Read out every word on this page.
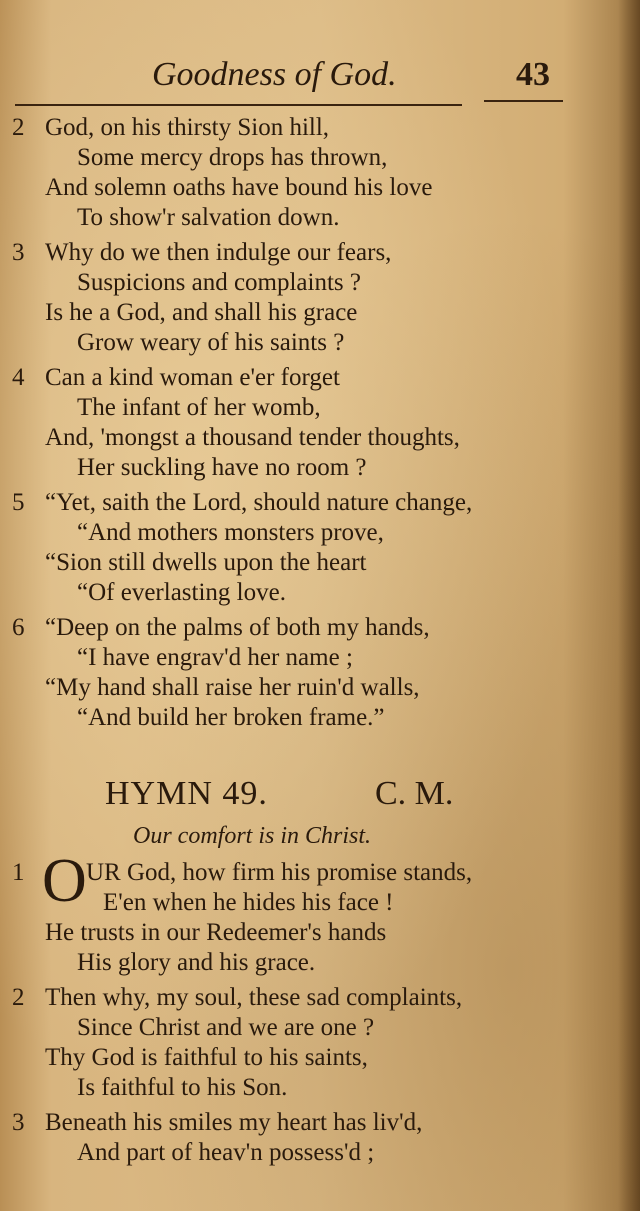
Goodness of God.	43
2 God, on his thirsty Sion hill,
Some mercy drops has thrown,
And solemn oaths have bound his love
To show'r salvation down.
3 Why do we then indulge our fears,
Suspicions and complaints ?
Is he a God, and shall his grace
Grow weary of his saints ?
4 Can a kind woman e'er forget
The infant of her womb,
And, 'mongst a thousand tender thoughts,
Her suckling have no room ?
5 “Yet, saith the Lord, should nature change,
“And mothers monsters prove,
“Sion still dwells upon the heart
“Of everlasting love.
6 “Deep on the palms of both my hands,
“I have engrav'd her name ;
“My hand shall raise her ruin'd walls,
“And build her broken frame.”
HYMN 49.	C. M.
Our comfort is in Christ.
1 O UR God, how firm his promise stands,
E'en when he hides his face !
He trusts in our Redeemer's hands
His glory and his grace.
2 Then why, my soul, these sad complaints,
Since Christ and we are one ?
Thy God is faithful to his saints,
Is faithful to his Son.
3 Beneath his smiles my heart has liv'd,
And part of heav'n possess'd ;
